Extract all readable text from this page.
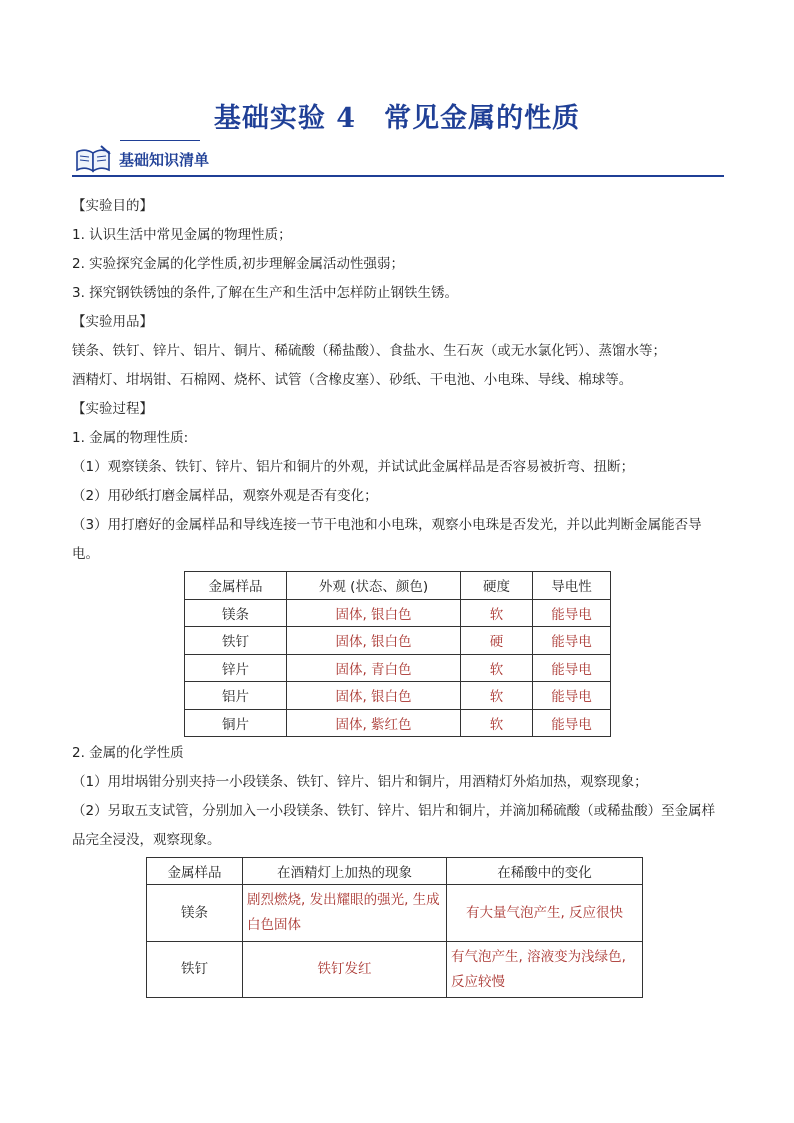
基础实验 4　常见金属的性质
基础知识清单
【实验目的】
1. 认识生活中常见金属的物理性质；
2. 实验探究金属的化学性质,初步理解金属活动性强弱；
3. 探究钢铁锈蚀的条件,了解在生产和生活中怎样防止钢铁生锈。
【实验用品】
镁条、铁钉、锌片、铝片、铜片、稀硫酸（稀盐酸）、食盐水、生石灰（或无水氯化钙）、蒸馏水等；
酒精灯、坩埚钳、石棉网、烧杯、试管（含橡皮塞）、砂纸、干电池、小电珠、导线、棉球等。
【实验过程】
1. 金属的物理性质:
（1）观察镁条、铁钉、锌片、铝片和铜片的外观，并试试此金属样品是否容易被折弯、扭断；
（2）用砂纸打磨金属样品，观察外观是否有变化；
（3）用打磨好的金属样品和导线连接一节干电池和小电珠，观察小电珠是否发光，并以此判断金属能否导电。
金属样品	外观 (状态、颜色)	硬度	导电性
镁条	固体, 银白色	软	能导电
铁钉	固体, 银白色	硬	能导电
锌片	固体, 青白色	软	能导电
铝片	固体, 银白色	软	能导电
铜片	固体, 紫红色	软	能导电
2. 金属的化学性质
（1）用坩埚钳分别夹持一小段镁条、铁钉、锌片、铝片和铜片，用酒精灯外焰加热，观察现象；
（2）另取五支试管，分别加入一小段镁条、铁钉、锌片、铝片和铜片，并滴加稀硫酸（或稀盐酸）至金属样品完全浸没，观察现象。
金属样品	在酒精灯上加热的现象	在稀酸中的变化
镁条	剧烈燃烧, 发出耀眼的强光, 生成白色固体	有大量气泡产生, 反应很快
铁钉	铁钉发红	有气泡产生, 溶液变为浅绿色, 反应较慢
